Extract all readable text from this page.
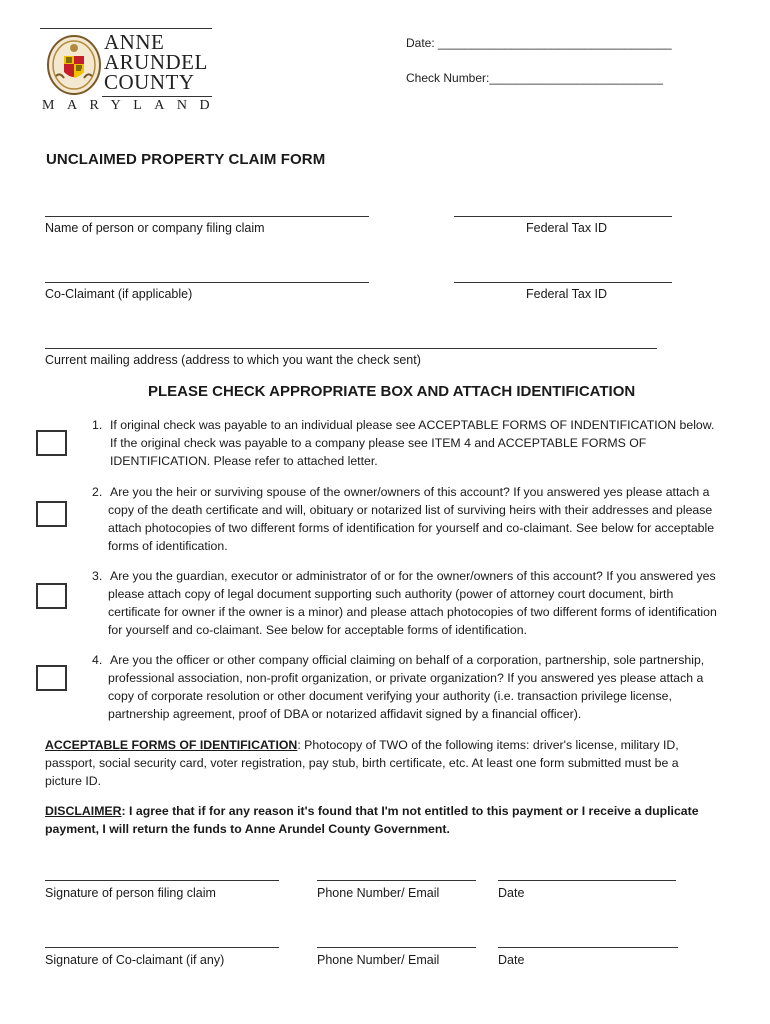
ANNE
ARUNDEL
COUNTY
MARYLAND
Date: ___________________________________
Check Number:__________________________
UNCLAIMED PROPERTY CLAIM FORM
Name of person or company filing claim	Federal Tax ID
Co-Claimant (if applicable)	Federal Tax ID
Current mailing address (address to which you want the check sent)
PLEASE CHECK APPROPRIATE BOX AND ATTACH IDENTIFICATION
1. If original check was payable to an individual please see ACCEPTABLE FORMS OF INDENTIFICATION below.
If the original check was payable to a company please see ITEM 4 and ACCEPTABLE FORMS OF
IDENTIFICATION. Please refer to attached letter.
2. Are you the heir or surviving spouse of the owner/owners of this account? If you answered yes please attach a
copy of the death certificate and will, obituary or notarized list of surviving heirs with their addresses and please
attach photocopies of two different forms of identification for yourself and co-claimant. See below for acceptable
forms of identification.
3. Are you the guardian, executor or administrator of or for the owner/owners of this account? If you answered yes
please attach copy of legal document supporting such authority (power of attorney court document, birth
certificate for owner if the owner is a minor) and please attach photocopies of two different forms of identification
for yourself and co-claimant. See below for acceptable forms of identification.
4. Are you the officer or other company official claiming on behalf of a corporation, partnership, sole partnership,
professional association, non-profit organization, or private organization? If you answered yes please attach a
copy of corporate resolution or other document verifying your authority (i.e. transaction privilege license,
partnership agreement, proof of DBA or notarized affidavit signed by a financial officer).
ACCEPTABLE FORMS OF IDENTIFICATION: Photocopy of TWO of the following items: driver's license, military ID,
passport, social security card, voter registration, pay stub, birth certificate, etc. At least one form submitted must be a
picture ID.
DISCLAIMER: I agree that if for any reason it's found that I'm not entitled to this payment or I receive a duplicate
payment, I will return the funds to Anne Arundel County Government.
Signature of person filing claim	Phone Number/ Email	Date
Signature of Co-claimant (if any)	Phone Number/ Email	Date
